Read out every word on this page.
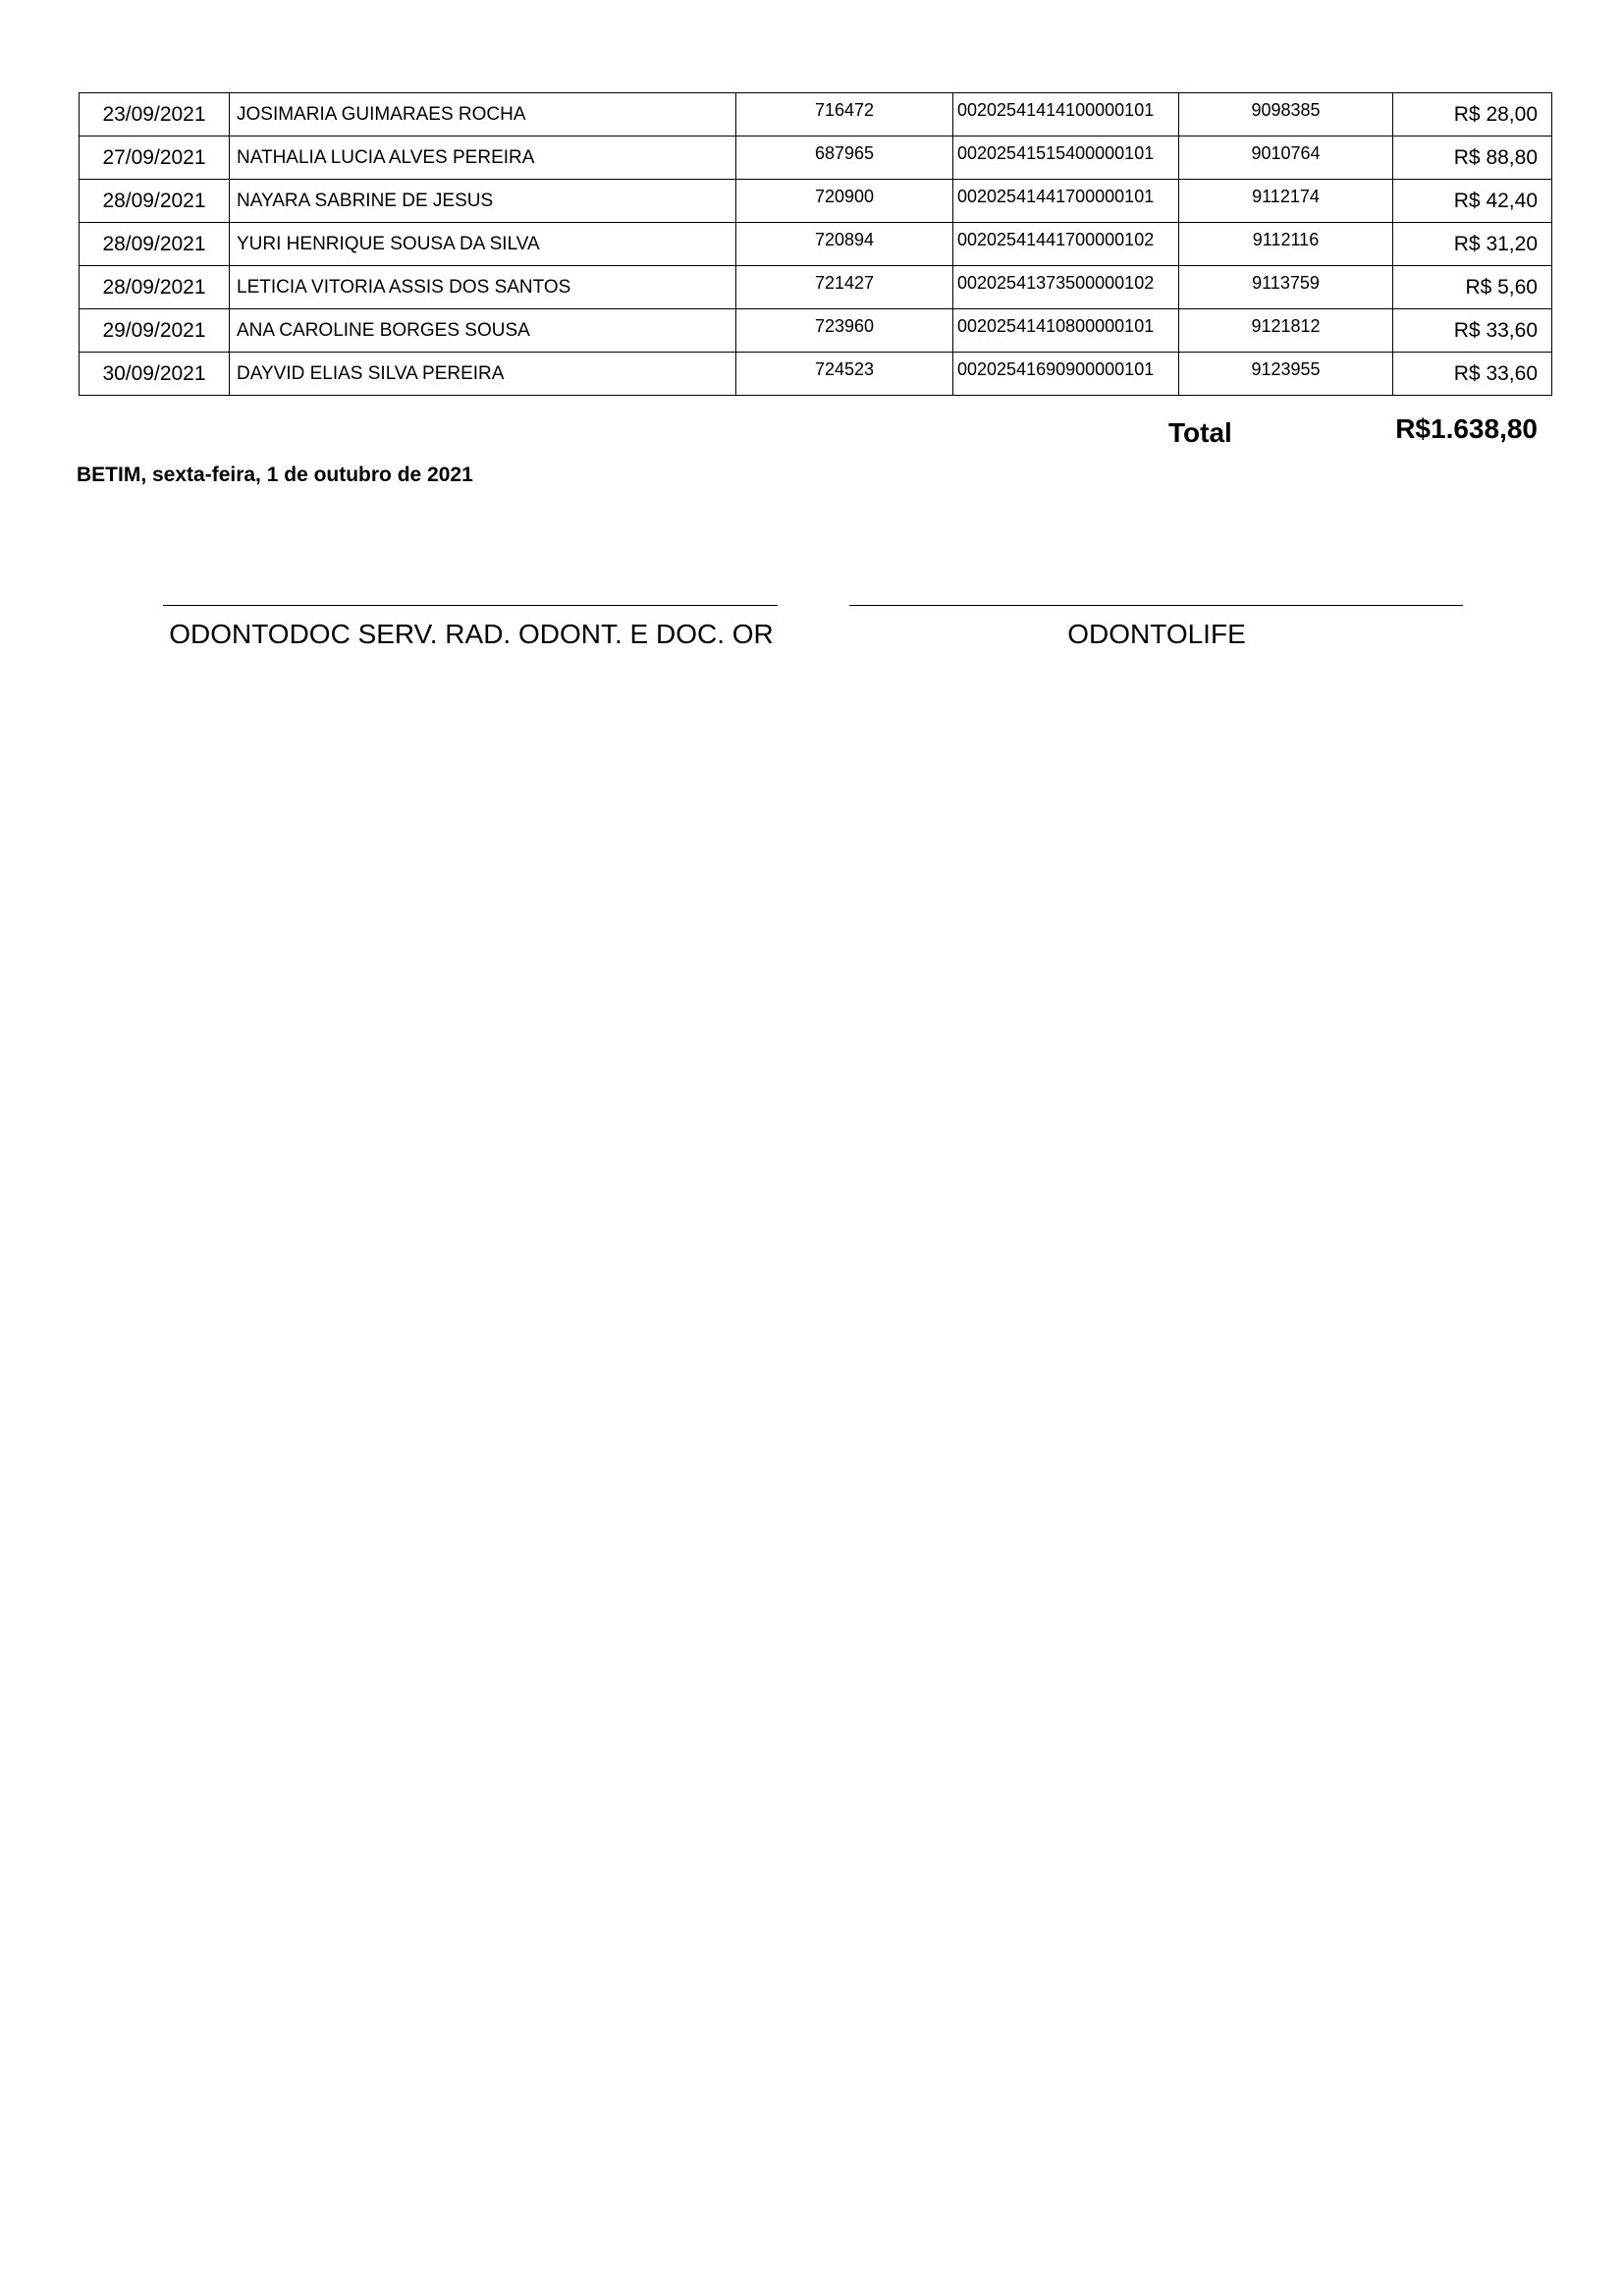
23/09/2021	JOSIMARIA GUIMARAES ROCHA	716472	00202541414100000101	9098385	R$ 28,00
27/09/2021	NATHALIA LUCIA ALVES PEREIRA	687965	00202541515400000101	9010764	R$ 88,80
28/09/2021	NAYARA SABRINE DE JESUS	720900	00202541441700000101	9112174	R$ 42,40
28/09/2021	YURI HENRIQUE SOUSA DA SILVA	720894	00202541441700000102	9112116	R$ 31,20
28/09/2021	LETICIA VITORIA ASSIS DOS SANTOS	721427	00202541373500000102	9113759	R$ 5,60
29/09/2021	ANA CAROLINE BORGES SOUSA	723960	00202541410800000101	9121812	R$ 33,60
30/09/2021	DAYVID ELIAS SILVA PEREIRA	724523	00202541690900000101	9123955	R$ 33,60
Total	R$1.638,80
BETIM, sexta-feira, 1 de outubro de 2021
ODONTODOC SERV. RAD. ODONT. E DOC. OR	ODONTOLIFE
